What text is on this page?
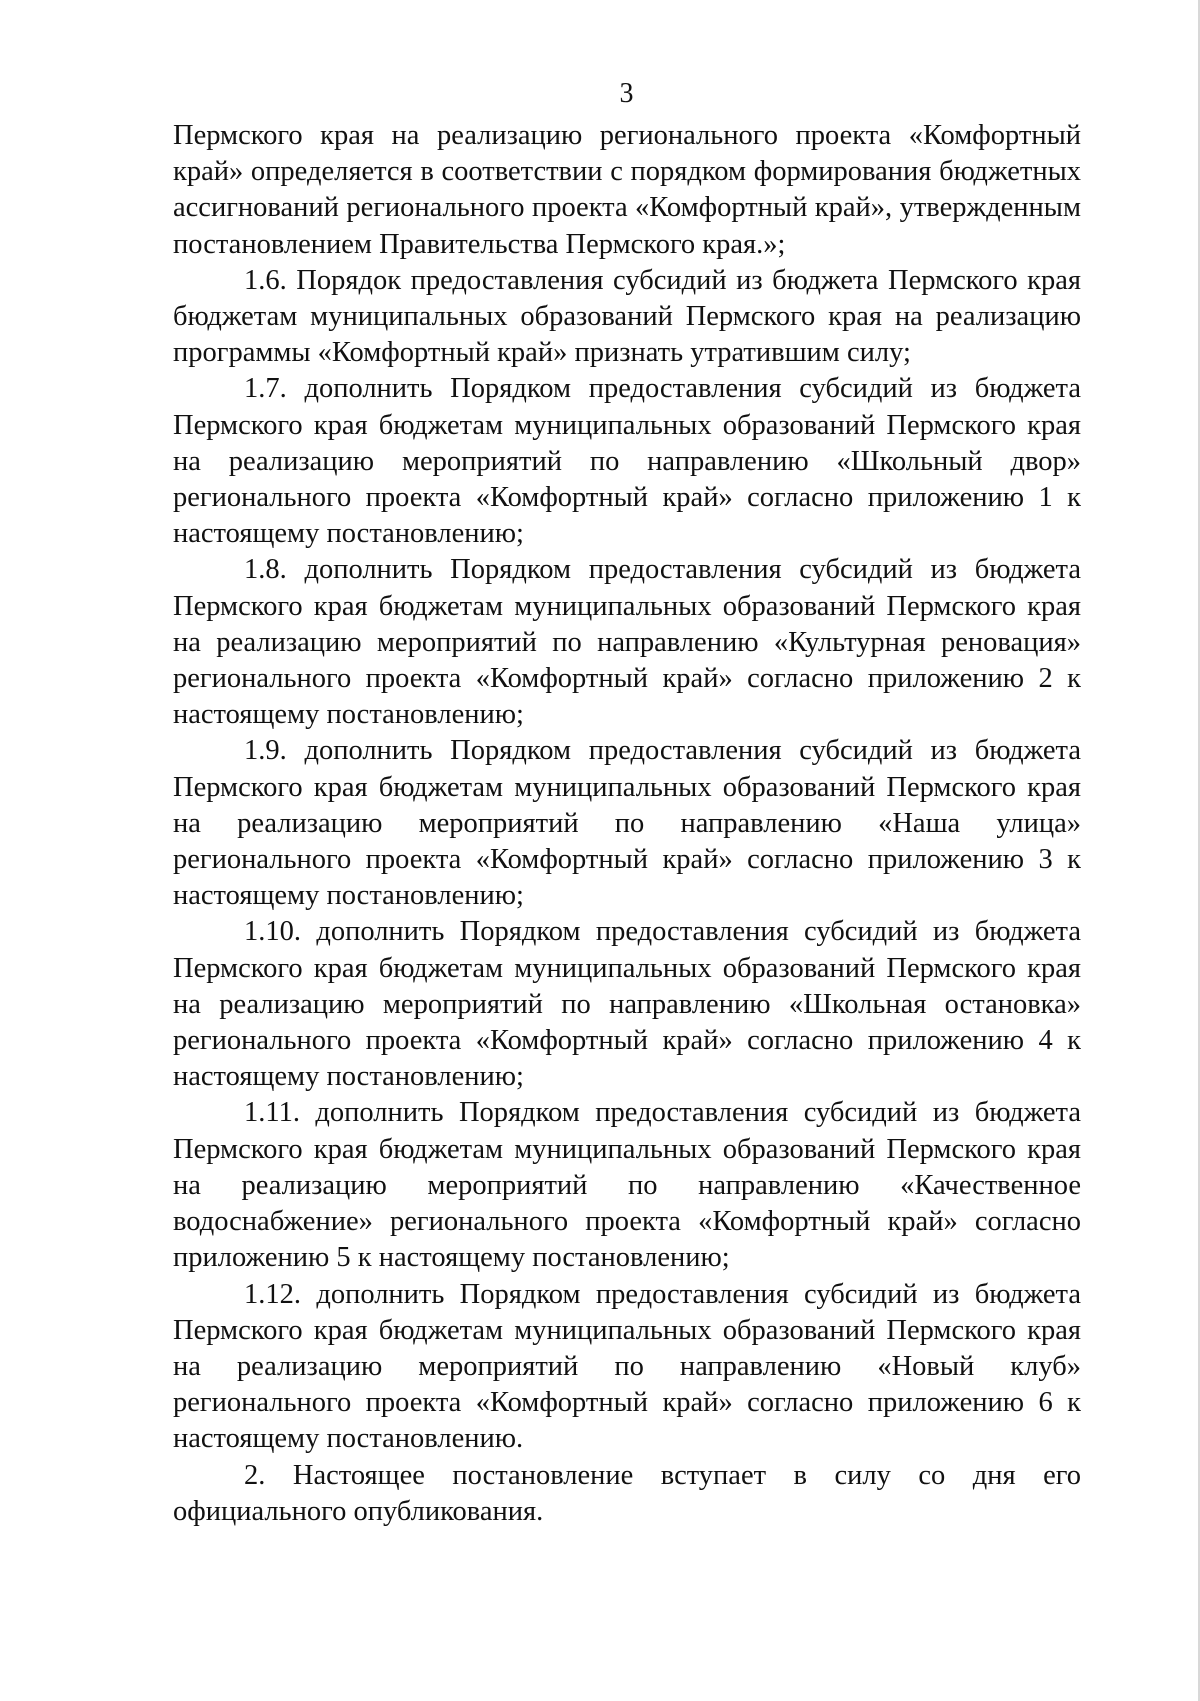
3

Пермского края на реализацию регионального проекта «Комфортный край» определяется в соответствии с порядком формирования бюджетных ассигнований регионального проекта «Комфортный край», утвержденным постановлением Правительства Пермского края.»;

1.6. Порядок предоставления субсидий из бюджета Пермского края бюджетам муниципальных образований Пермского края на реализацию программы «Комфортный край» признать утратившим силу;

1.7. дополнить Порядком предоставления субсидий из бюджета Пермского края бюджетам муниципальных образований Пермского края на реализацию мероприятий по направлению «Школьный двор» регионального проекта «Комфортный край» согласно приложению 1 к настоящему постановлению;

1.8. дополнить Порядком предоставления субсидий из бюджета Пермского края бюджетам муниципальных образований Пермского края на реализацию мероприятий по направлению «Культурная реновация» регионального проекта «Комфортный край» согласно приложению 2 к настоящему постановлению;

1.9. дополнить Порядком предоставления субсидий из бюджета Пермского края бюджетам муниципальных образований Пермского края на реализацию мероприятий по направлению «Наша улица» регионального проекта «Комфортный край» согласно приложению 3 к настоящему постановлению;

1.10. дополнить Порядком предоставления субсидий из бюджета Пермского края бюджетам муниципальных образований Пермского края на реализацию мероприятий по направлению «Школьная остановка» регионального проекта «Комфортный край» согласно приложению 4 к настоящему постановлению;

1.11. дополнить Порядком предоставления субсидий из бюджета Пермского края бюджетам муниципальных образований Пермского края на реализацию мероприятий по направлению «Качественное водоснабжение» регионального проекта «Комфортный край» согласно приложению 5 к настоящему постановлению;

1.12. дополнить Порядком предоставления субсидий из бюджета Пермского края бюджетам муниципальных образований Пермского края на реализацию мероприятий по направлению «Новый клуб» регионального проекта «Комфортный край» согласно приложению 6 к настоящему постановлению.

2. Настоящее постановление вступает в силу со дня его официального опубликования.
